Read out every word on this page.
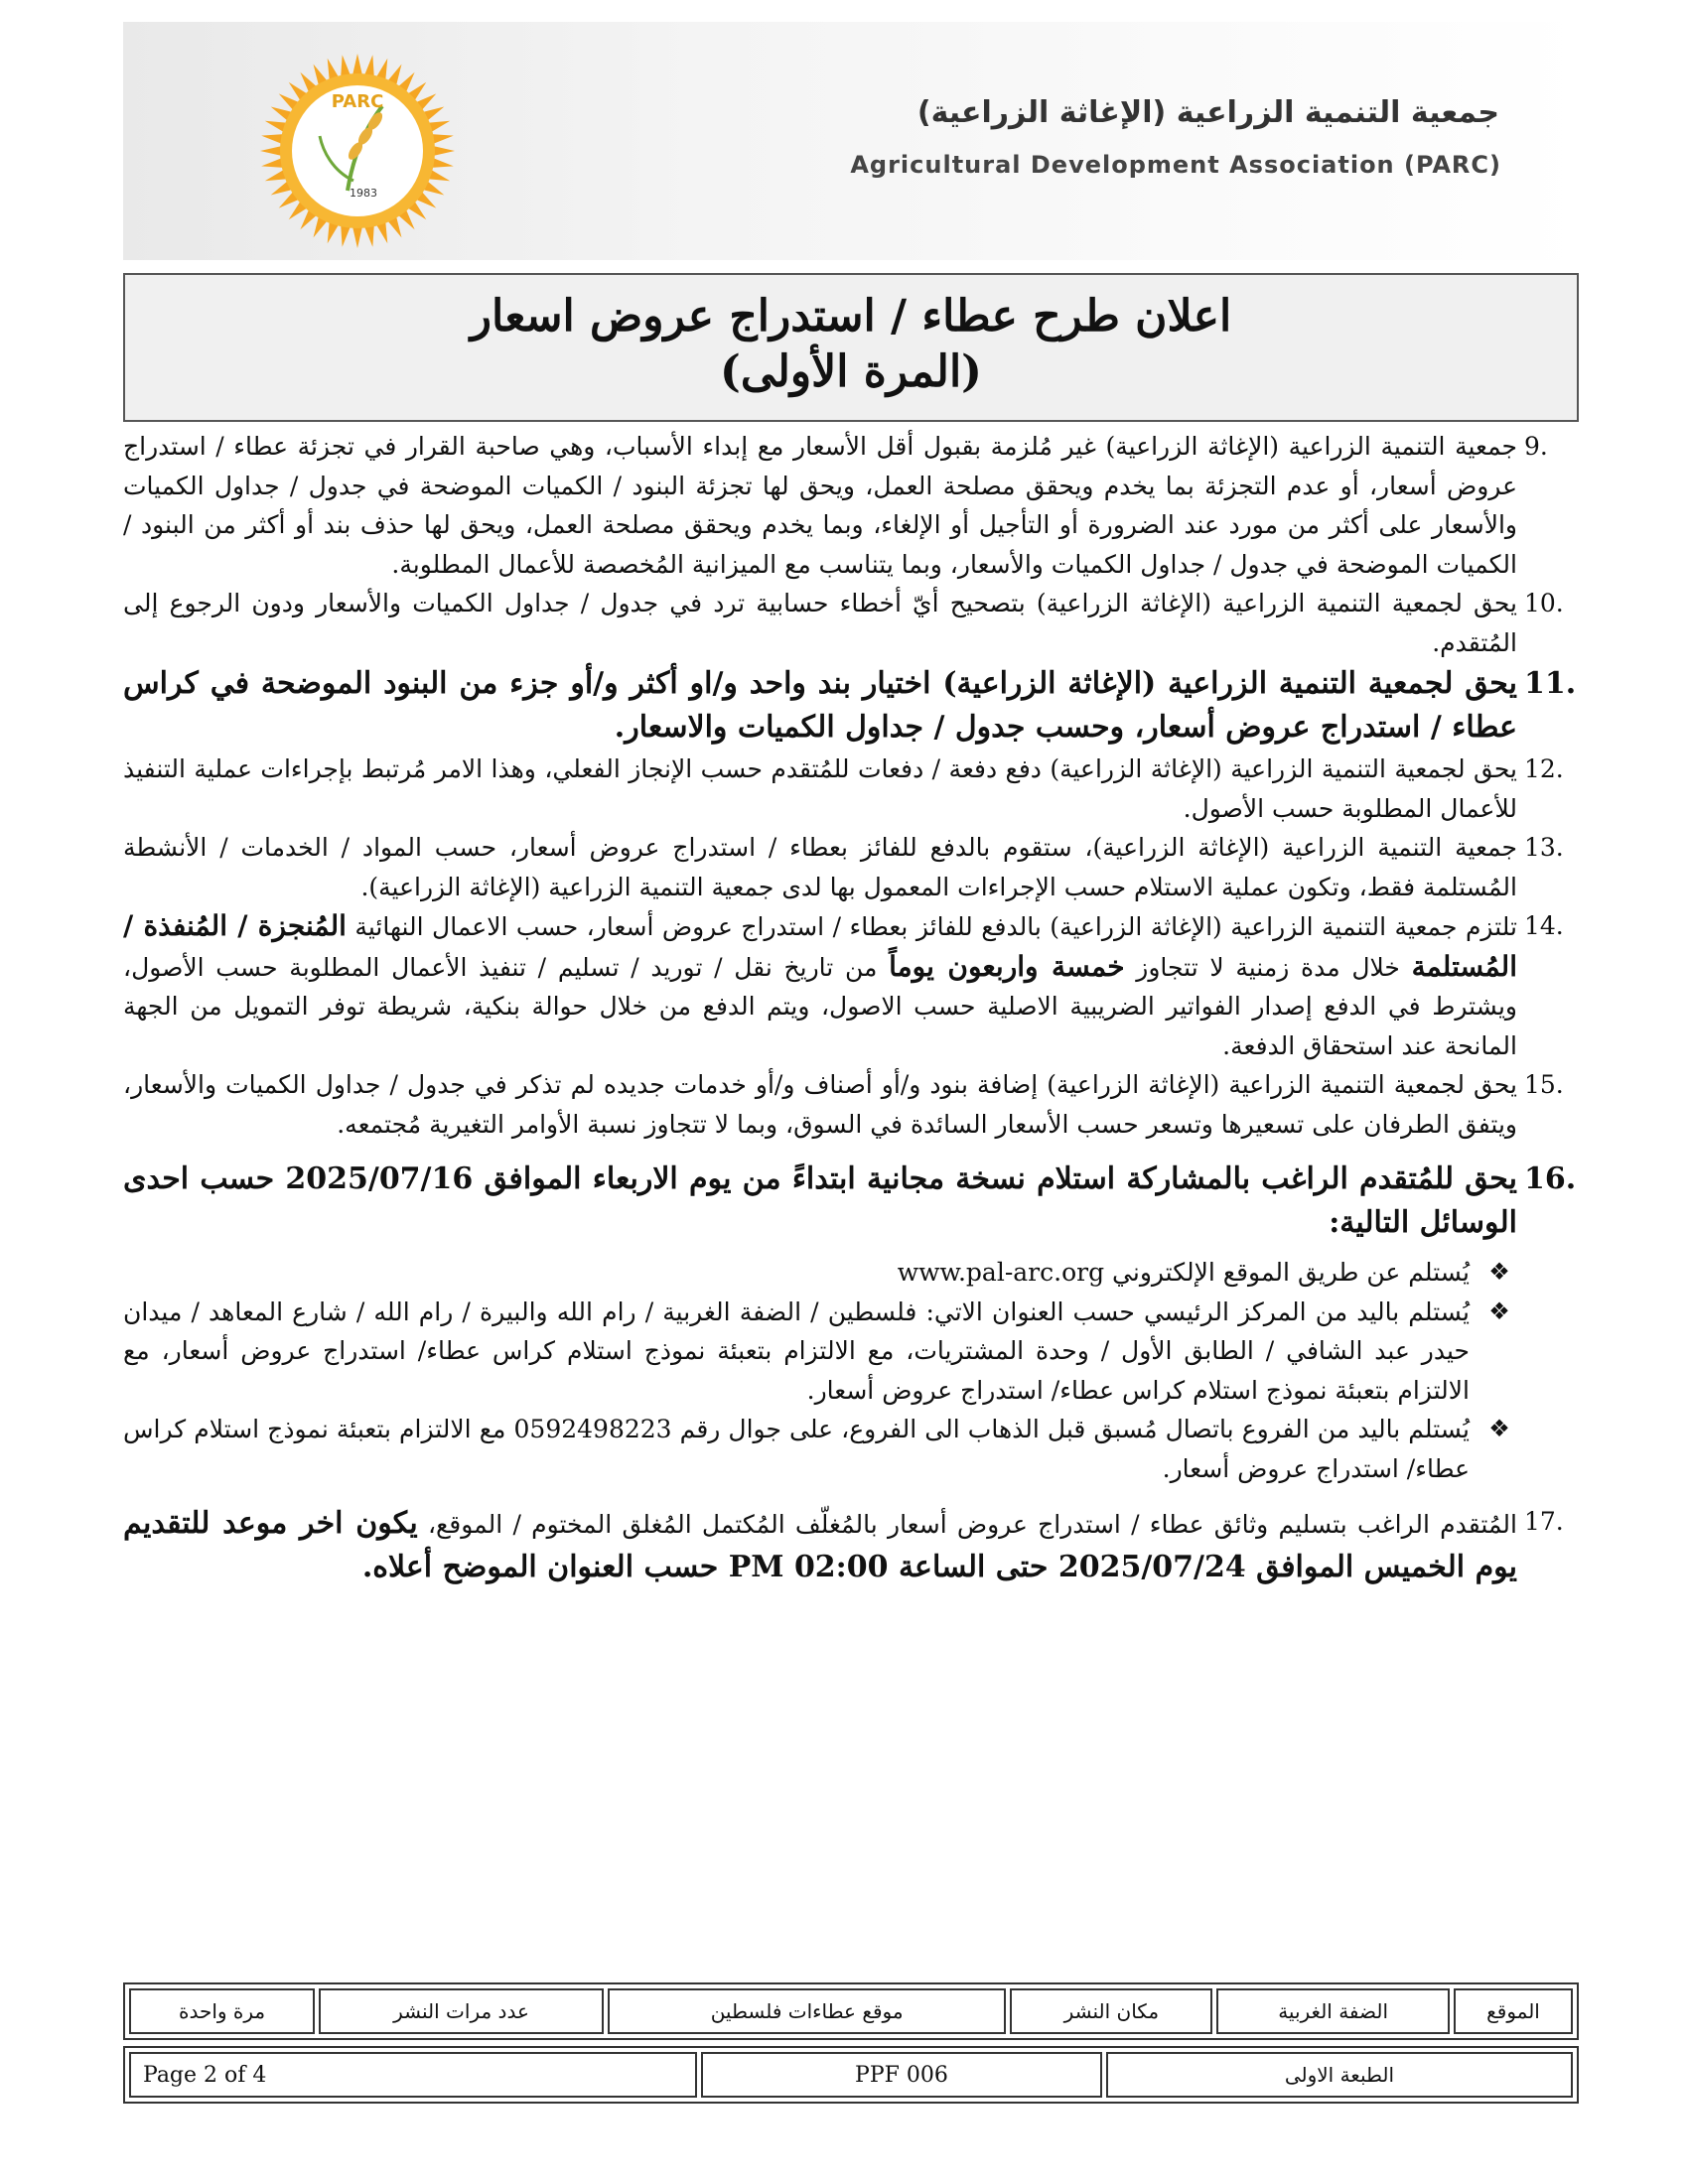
PARC
1983
جمعية التنمية الزراعية (الإغاثة الزراعية)
Agricultural Development Association (PARC)
اعلان طرح عطاء / استدراج عروض اسعار
(المرة الأولى)
9.
جمعية التنمية الزراعية (الإغاثة الزراعية) غير مُلزمة بقبول أقل الأسعار مع إبداء الأسباب، وهي صاحبة القرار في تجزئة عطاء / استدراج عروض أسعار، أو عدم التجزئة بما يخدم ويحقق مصلحة العمل، ويحق لها تجزئة البنود / الكميات الموضحة في جدول / جداول الكميات والأسعار على أكثر من مورد عند الضرورة أو التأجيل أو الإلغاء، وبما يخدم ويحقق مصلحة العمل، ويحق لها حذف بند أو أكثر من البنود / الكميات الموضحة في جدول / جداول الكميات والأسعار، وبما يتناسب مع الميزانية المُخصصة للأعمال المطلوبة.
10.
يحق لجمعية التنمية الزراعية (الإغاثة الزراعية) بتصحيح أيّ أخطاء حسابية ترد في جدول / جداول الكميات والأسعار ودون الرجوع إلى المُتقدم.
11.
يحق لجمعية التنمية الزراعية (الإغاثة الزراعية) اختيار بند واحد و/او أكثر و/أو جزء من البنود الموضحة في كراس عطاء / استدراج عروض أسعار، وحسب جدول / جداول الكميات والاسعار.
12.
يحق لجمعية التنمية الزراعية (الإغاثة الزراعية) دفع دفعة / دفعات للمُتقدم حسب الإنجاز الفعلي، وهذا الامر مُرتبط بإجراءات عملية التنفيذ للأعمال المطلوبة حسب الأصول.
13.
جمعية التنمية الزراعية (الإغاثة الزراعية)، ستقوم بالدفع للفائز بعطاء / استدراج عروض أسعار، حسب المواد / الخدمات / الأنشطة المُستلمة فقط، وتكون عملية الاستلام حسب الإجراءات المعمول بها لدى جمعية التنمية الزراعية (الإغاثة الزراعية).
14.
تلتزم جمعية التنمية الزراعية (الإغاثة الزراعية) بالدفع للفائز بعطاء / استدراج عروض أسعار، حسب الاعمال النهائية المُنجزة / المُنفذة / المُستلمة خلال مدة زمنية لا تتجاوز خمسة واربعون يوماً من تاريخ نقل / توريد / تسليم / تنفيذ الأعمال المطلوبة حسب الأصول، ويشترط في الدفع إصدار الفواتير الضريبية الاصلية حسب الاصول، ويتم الدفع من خلال حوالة بنكية، شريطة توفر التمويل من الجهة المانحة عند استحقاق الدفعة.
15.
يحق لجمعية التنمية الزراعية (الإغاثة الزراعية) إضافة بنود و/أو أصناف و/أو خدمات جديده لم تذكر في جدول / جداول الكميات والأسعار، ويتفق الطرفان على تسعيرها وتسعر حسب الأسعار السائدة في السوق، وبما لا تتجاوز نسبة الأوامر التغيرية مُجتمعه.
16.
يحق للمُتقدم الراغب بالمشاركة استلام نسخة مجانية ابتداءً من يوم الاربعاء الموافق 2025/07/16 حسب احدى الوسائل التالية:
❖
يُستلم عن طريق الموقع الإلكتروني www.pal-arc.org
❖
يُستلم باليد من المركز الرئيسي حسب العنوان الاتي: فلسطين / الضفة الغربية / رام الله والبيرة / رام الله / شارع المعاهد / ميدان حيدر عبد الشافي / الطابق الأول / وحدة المشتريات، مع الالتزام بتعبئة نموذج استلام كراس عطاء/ استدراج عروض أسعار، مع الالتزام بتعبئة نموذج استلام كراس عطاء/ استدراج عروض أسعار.
❖
يُستلم باليد من الفروع باتصال مُسبق قبل الذهاب الى الفروع، على جوال رقم 0592498223 مع الالتزام بتعبئة نموذج استلام كراس عطاء/ استدراج عروض أسعار.
17.
المُتقدم الراغب بتسليم وثائق عطاء / استدراج عروض أسعار بالمُغلّف المُكتمل المُغلق المختوم / الموقع، يكون اخر موعد للتقديم يوم الخميس الموافق 2025/07/24 حتى الساعة 02:00 PM حسب العنوان الموضح أعلاه.
الموقع	الضفة الغربية	مكان النشر	موقع عطاءات فلسطين	عدد مرات النشر	مرة واحدة
الطبعة الاولى	PPF 006	Page 2 of 4
